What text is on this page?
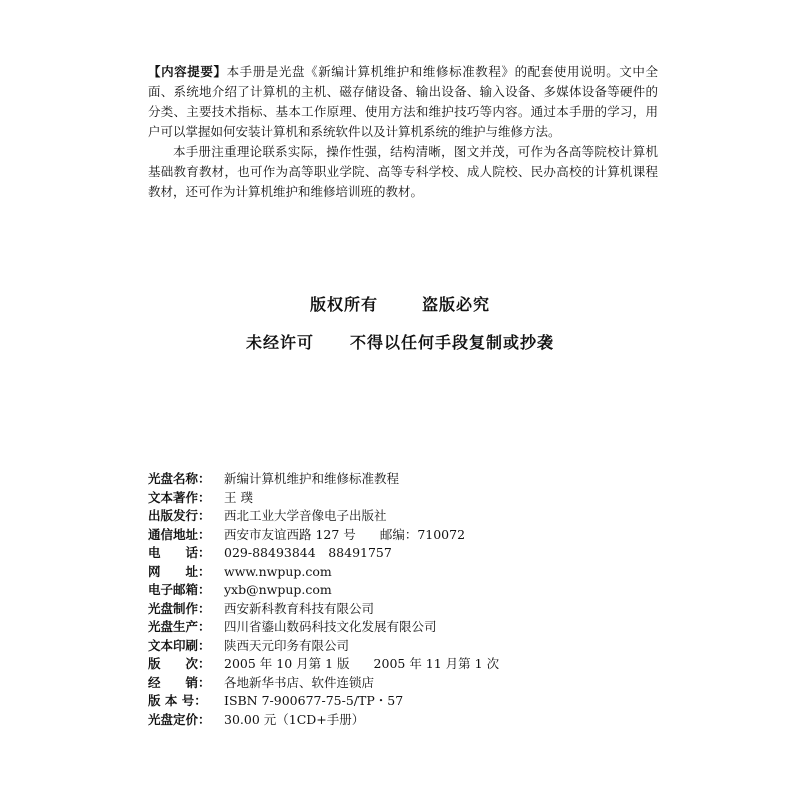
【内容提要】本手册是光盘《新编计算机维护和维修标准教程》的配套使用说明。文中全面、系统地介绍了计算机的主机、磁存储设备、输出设备、输入设备、多媒体设备等硬件的分类、主要技术指标、基本工作原理、使用方法和维护技巧等内容。通过本手册的学习，用户可以掌握如何安装计算机和系统软件以及计算机系统的维护与维修方法。

本手册注重理论联系实际，操作性强，结构清晰，图文并茂，可作为各高等院校计算机基础教育教材，也可作为高等职业学院、高等专科学校、成人院校、民办高校的计算机课程教材，还可作为计算机维护和维修培训班的教材。

版权所有	盗版必究
未经许可 不得以任何手段复制或抄袭
光盘名称：	新编计算机维护和维修标准教程
文本著作：	王 璞
出版发行：	西北工业大学音像电子出版社
通信地址：	西安市友谊西路 127 号 邮编：710072
电　　话：	029-88493844　88491757
网　　址：	www.nwpup.com
电子邮箱：	yxb@nwpup.com
光盘制作：	西安新科教育科技有限公司
光盘生产：	四川省鎏山数码科技文化发展有限公司
文本印刷：	陕西天元印务有限公司
版　　次：	2005 年 10 月第 1 版 2005 年 11 月第 1 次
经　　销：	各地新华书店、软件连锁店
版 本 号：	ISBN 7-900677-75-5/TP・57
光盘定价：	30.00 元（1CD+手册）
